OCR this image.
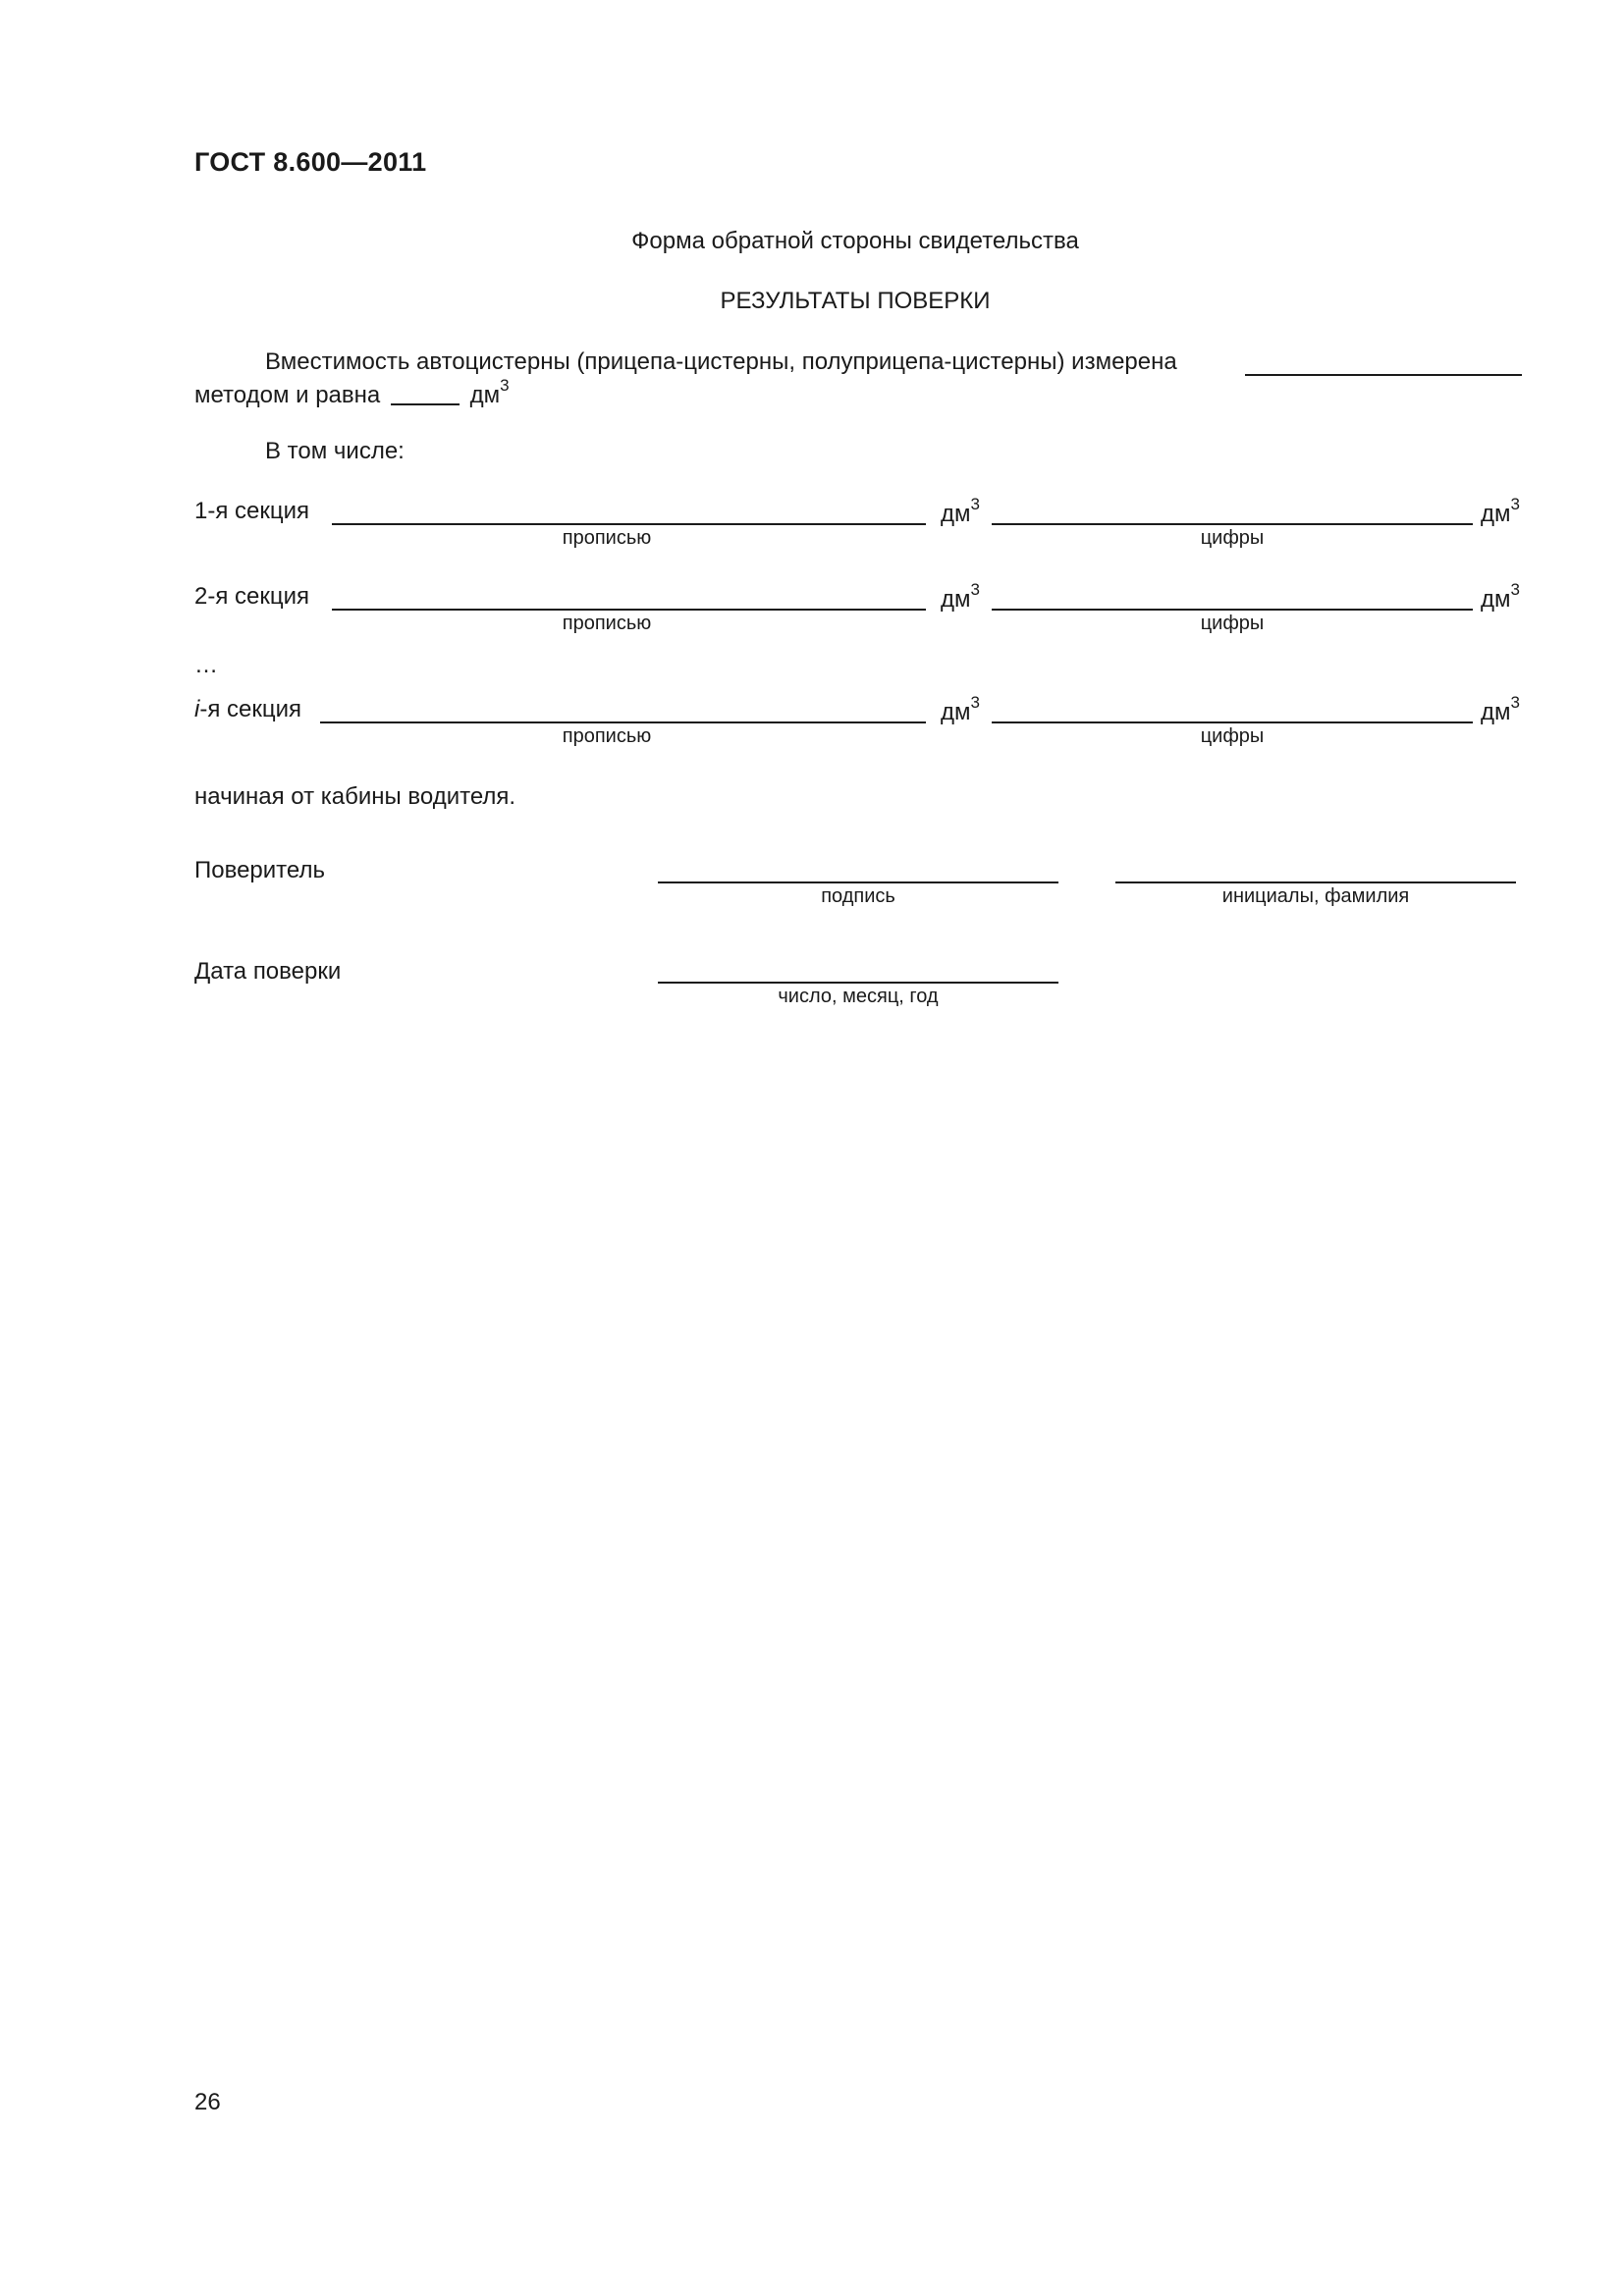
ГОСТ 8.600—2011
Форма обратной стороны свидетельства
РЕЗУЛЬТАТЫ ПОВЕРКИ
Вместимость автоцистерны (прицепа-цистерны, полуприцепа-цистерны) измерена
методом и равна	$дм^3$
В том числе:
1-я секция	$дм^3$	$дм^3$
прописью	цифры
2-я секция	$дм^3$	$дм^3$
прописью	цифры
…
i-я секция	$дм^3$	$дм^3$
прописью	цифры
начиная от кабины водителя.
Поверитель
подпись	инициалы, фамилия
Дата поверки
число, месяц, год
26
